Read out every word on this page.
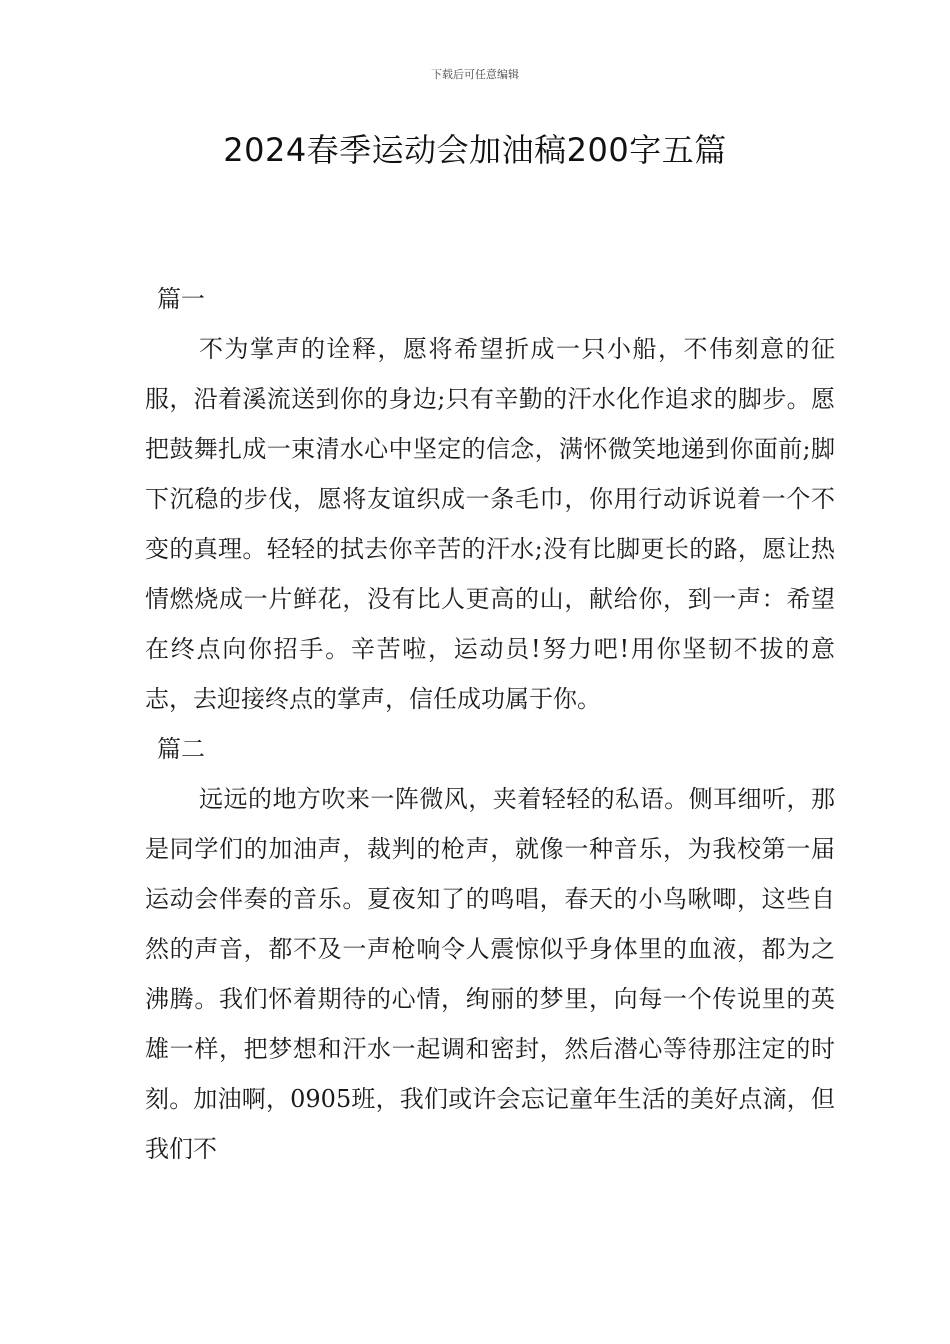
下载后可任意编辑
2024春季运动会加油稿200字五篇
篇一

不为掌声的诠释，愿将希望折成一只小船，不伟刻意的征服，沿着溪流送到你的身边;只有辛勤的汗水化作追求的脚步。愿把鼓舞扎成一束清水心中坚定的信念，满怀微笑地递到你面前;脚下沉稳的步伐，愿将友谊织成一条毛巾，你用行动诉说着一个不变的真理。轻轻的拭去你辛苦的汗水;没有比脚更长的路，愿让热情燃烧成一片鲜花，没有比人更高的山，献给你，到一声：希望在终点向你招手。辛苦啦，运动员!努力吧!用你坚韧不拔的意志，去迎接终点的掌声，信任成功属于你。

篇二

远远的地方吹来一阵微风，夹着轻轻的私语。侧耳细听，那是同学们的加油声，裁判的枪声，就像一种音乐，为我校第一届运动会伴奏的音乐。夏夜知了的鸣唱，春天的小鸟啾唧，这些自然的声音，都不及一声枪响令人震惊似乎身体里的血液，都为之沸腾。我们怀着期待的心情，绚丽的梦里，向每一个传说里的英雄一样，把梦想和汗水一起调和密封，然后潜心等待那注定的时刻。加油啊，0905班，我们或许会忘记童年生活的美好点滴，但我们不
